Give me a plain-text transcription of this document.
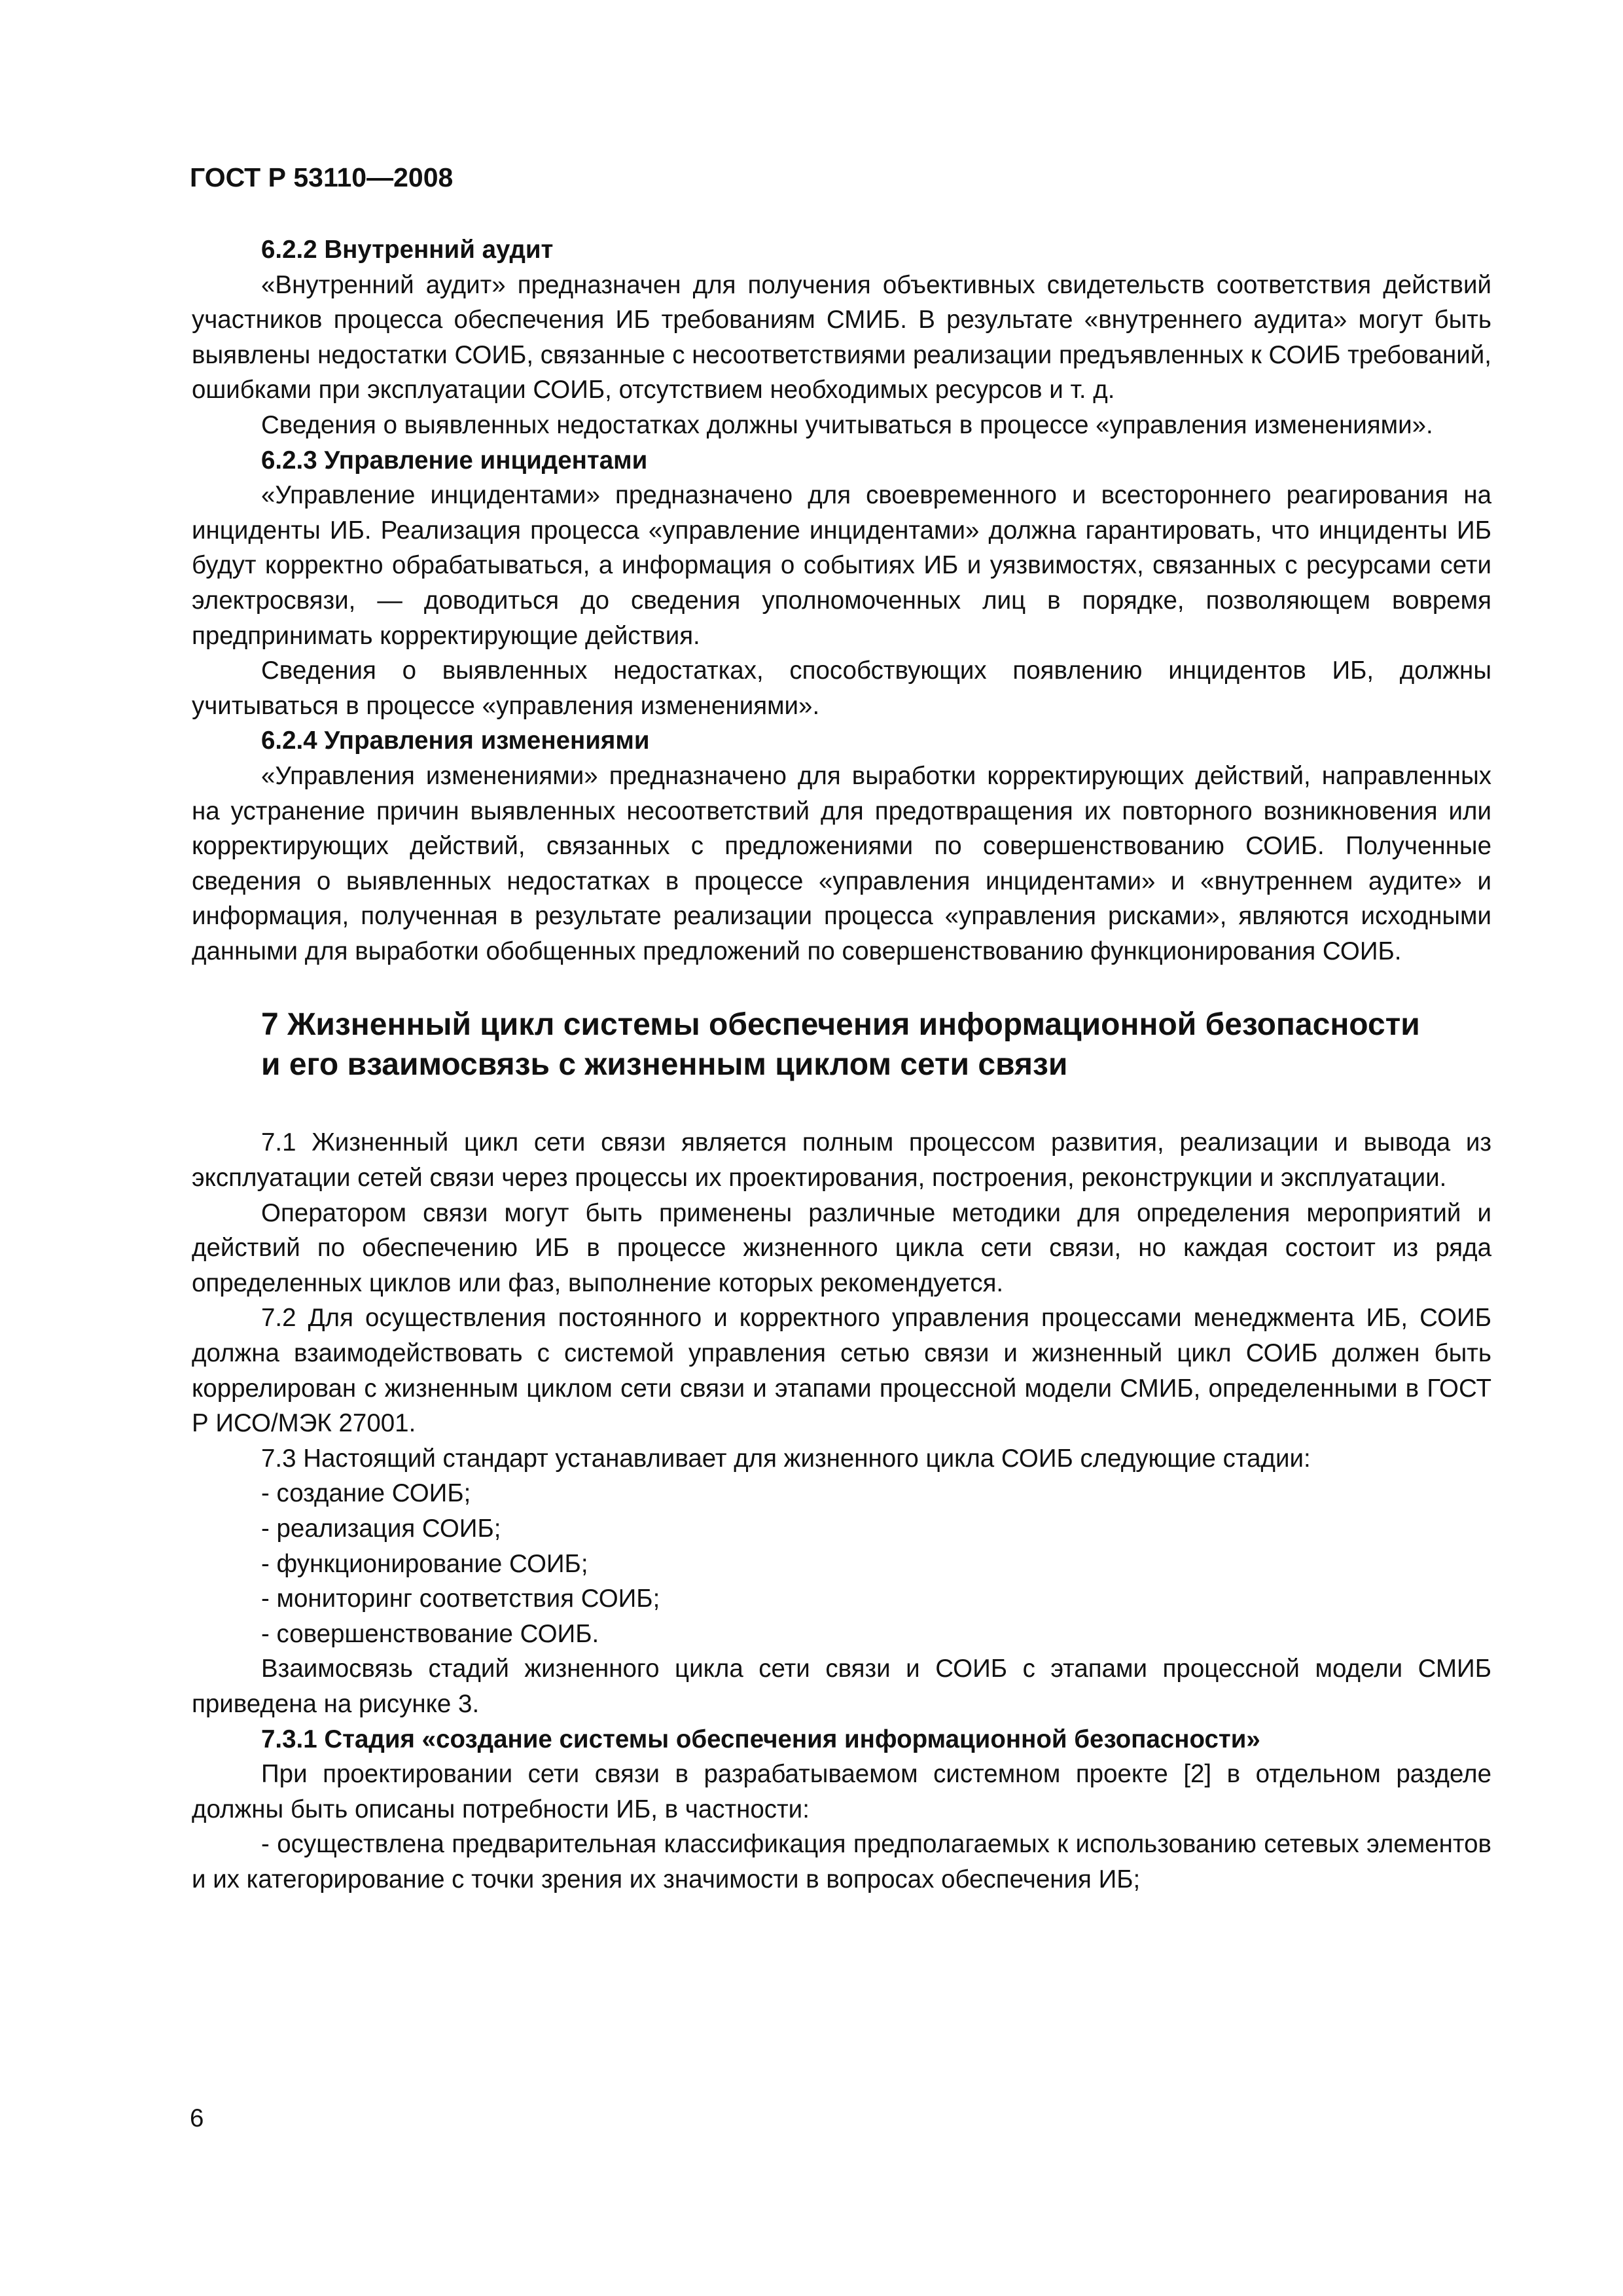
ГОСТ Р 53110—2008
6.2.2 Внутренний аудит

«Внутренний аудит» предназначен для получения объективных свидетельств соответствия действий участников процесса обеспечения ИБ требованиям СМИБ. В результате «внутреннего аудита» могут быть выявлены недостатки СОИБ, связанные с несоответствиями реализации предъявленных к СОИБ требований, ошибками при эксплуатации СОИБ, отсутствием необходимых ресурсов и т. д.

Сведения о выявленных недостатках должны учитываться в процессе «управления изменениями».

6.2.3 Управление инцидентами

«Управление инцидентами» предназначено для своевременного и всестороннего реагирования на инциденты ИБ. Реализация процесса «управление инцидентами» должна гарантировать, что инциденты ИБ будут корректно обрабатываться, а информация о событиях ИБ и уязвимостях, связанных с ресурсами сети электросвязи, — доводиться до сведения уполномоченных лиц в порядке, позволяющем вовремя предпринимать корректирующие действия.

Сведения о выявленных недостатках, способствующих появлению инцидентов ИБ, должны учитываться в процессе «управления изменениями».

6.2.4 Управления изменениями

«Управления изменениями» предназначено для выработки корректирующих действий, направленных на устранение причин выявленных несоответствий для предотвращения их повторного возникновения или корректирующих действий, связанных с предложениями по совершенствованию СОИБ. Полученные сведения о выявленных недостатках в процессе «управления инцидентами» и «внутреннем аудите» и информация, полученная в результате реализации процесса «управления рисками», являются исходными данными для выработки обобщенных предложений по совершенствованию функционирования СОИБ.

7 Жизненный цикл системы обеспечения информационной безопасности
и его взаимосвязь с жизненным циклом сети связи

7.1 Жизненный цикл сети связи является полным процессом развития, реализации и вывода из эксплуатации сетей связи через процессы их проектирования, построения, реконструкции и эксплуатации.

Оператором связи могут быть применены различные методики для определения мероприятий и действий по обеспечению ИБ в процессе жизненного цикла сети связи, но каждая состоит из ряда определенных циклов или фаз, выполнение которых рекомендуется.

7.2 Для осуществления постоянного и корректного управления процессами менеджмента ИБ, СОИБ должна взаимодействовать с системой управления сетью связи и жизненный цикл СОИБ должен быть коррелирован с жизненным циклом сети связи и этапами процессной модели СМИБ, определенными в ГОСТ Р ИСО/МЭК 27001.

7.3 Настоящий стандарт устанавливает для жизненного цикла СОИБ следующие стадии:

- создание СОИБ;
- реализация СОИБ;
- функционирование СОИБ;
- мониторинг соответствия СОИБ;
- совершенствование СОИБ.

Взаимосвязь стадий жизненного цикла сети связи и СОИБ с этапами процессной модели СМИБ приведена на рисунке 3.

7.3.1 Стадия «создание системы обеспечения информационной безопасности»

При проектировании сети связи в разрабатываемом системном проекте [2] в отдельном разделе должны быть описаны потребности ИБ, в частности:

- осуществлена предварительная классификация предполагаемых к использованию сетевых элементов и их категорирование с точки зрения их значимости в вопросах обеспечения ИБ;

6
